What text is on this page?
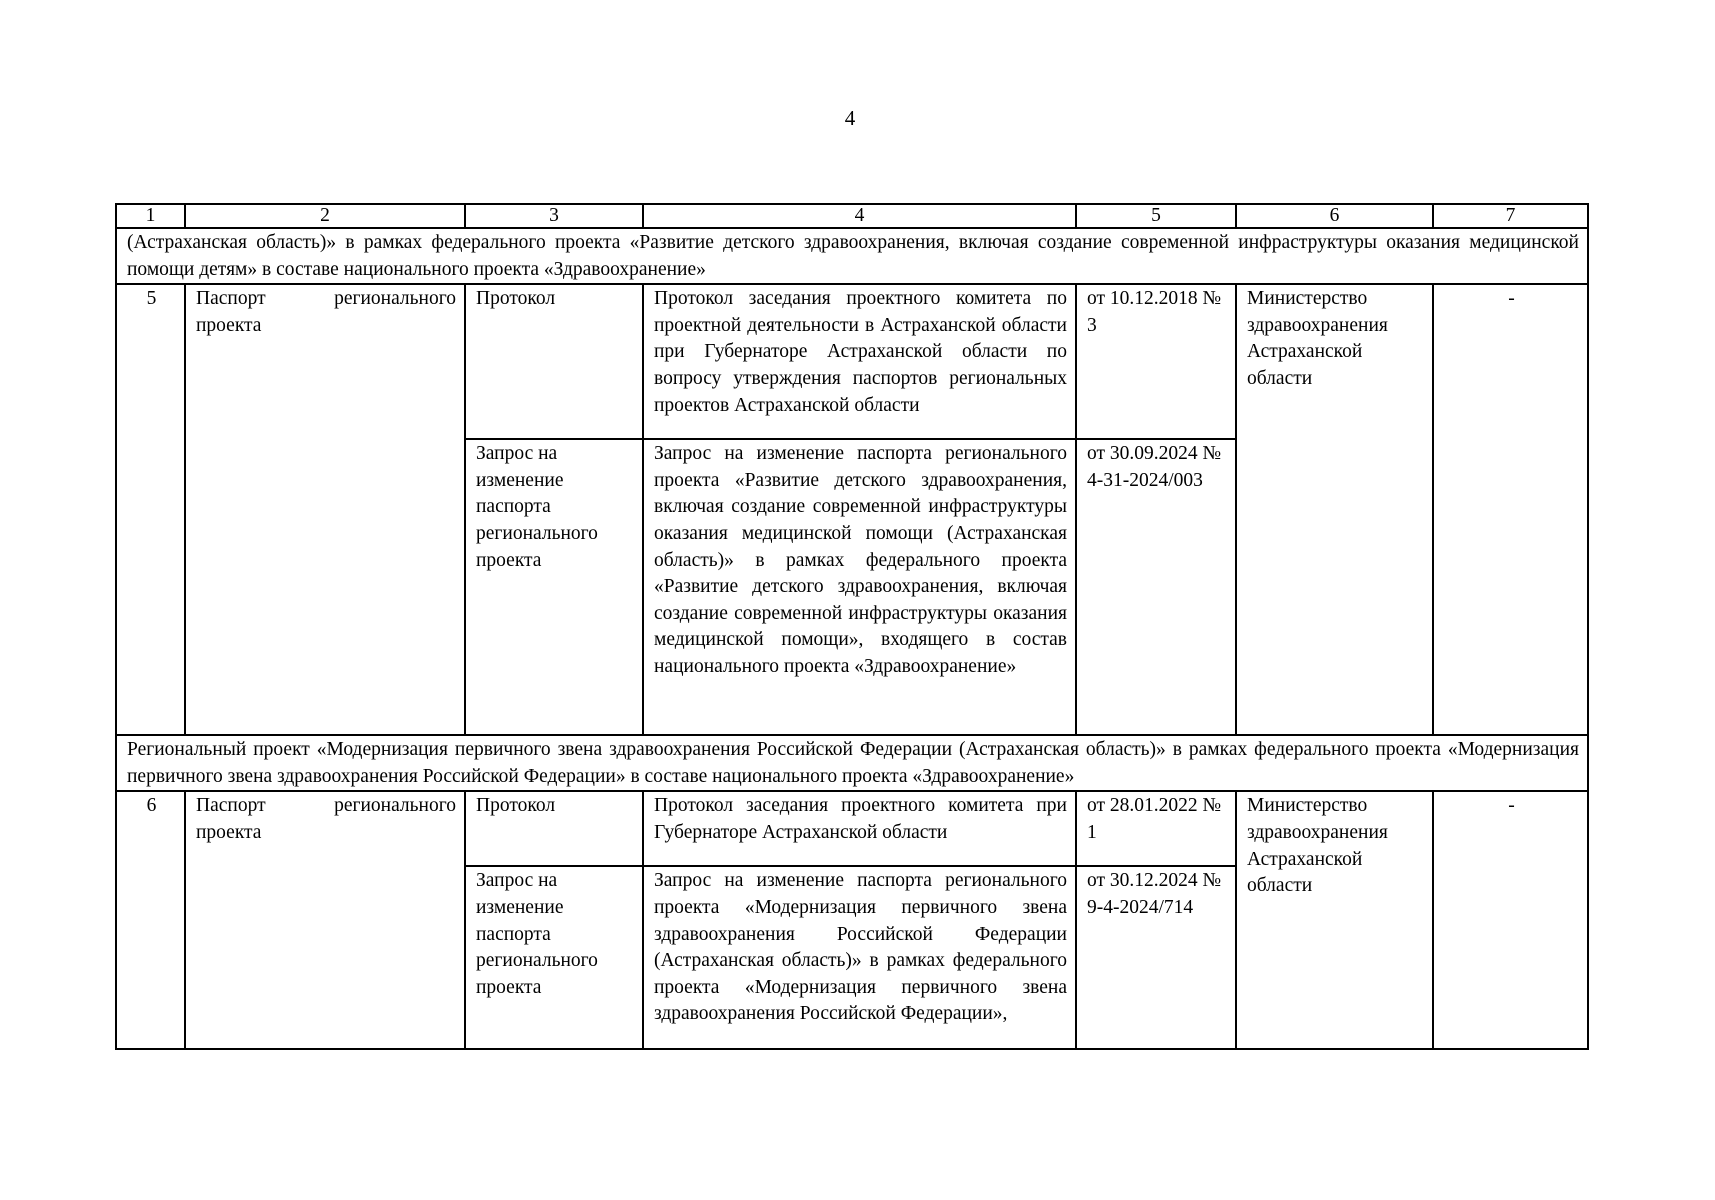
4
1	2	3	4	5	6	7
(Астраханская область)» в рамках федерального проекта «Развитие детского здравоохранения, включая создание современной инфраструктуры оказания медицинской помощи детям» в составе национального проекта «Здравоохранение»						
5	Паспорт регионального проекта	Протокол	Протокол заседания проектного комитета по проектной деятельности в Астраханской области при Губернаторе Астраханской области по вопросу утверждения паспортов региональных проектов Астраханской области	от 10.12.2018 № 3	Министерство здравоохранения Астраханской области	-
		Запрос на изменение паспорта регионального проекта	Запрос на изменение паспорта регионального проекта «Развитие детского здравоохранения, включая создание современной инфраструктуры оказания медицинской помощи (Астраханская область)» в рамках федерального проекта «Развитие детского здравоохранения, включая создание современной инфраструктуры оказания медицинской помощи», входящего в состав национального проекта «Здравоохранение»	от 30.09.2024 № 4-31-2024/003		
Региональный проект «Модернизация первичного звена здравоохранения Российской Федерации (Астраханская область)» в рамках федерального проекта «Модернизация первичного звена здравоохранения Российской Федерации» в составе национального проекта «Здравоохранение»						
6	Паспорт регионального проекта	Протокол	Протокол заседания проектного комитета при Губернаторе Астраханской области	от 28.01.2022 № 1	Министерство здравоохранения Астраханской области	-
		Запрос на изменение паспорта регионального проекта	Запрос на изменение паспорта регионального проекта «Модернизация первичного звена здравоохранения Российской Федерации (Астраханская область)» в рамках федерального проекта «Модернизация первичного звена здравоохранения Российской Федерации»,	от 30.12.2024 № 9-4-2024/714		
